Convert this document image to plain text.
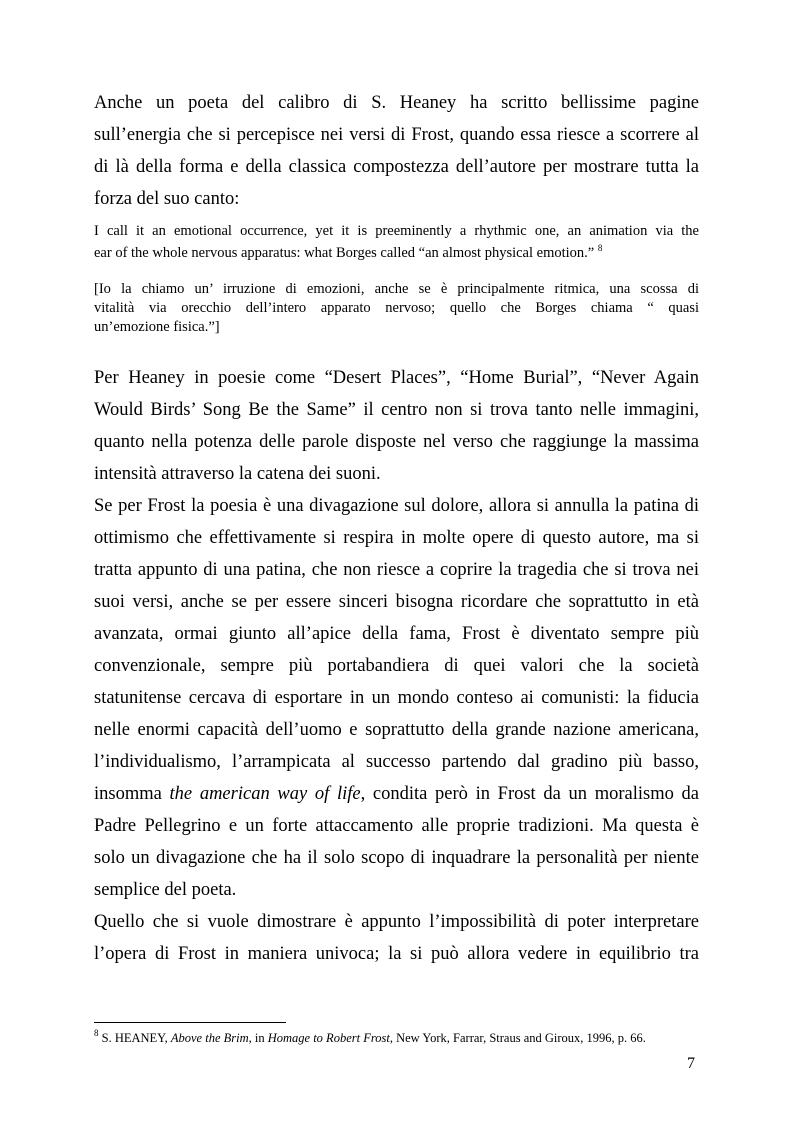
Anche un poeta del calibro di S. Heaney ha scritto bellissime pagine
sull’energia che si percepisce nei versi di Frost, quando essa riesce a scorrere al
di là della forma e della classica compostezza dell’autore per mostrare tutta la
forza del suo canto:
I call it an emotional occurrence, yet it is preeminently a rhythmic one, an animation via the
ear of the whole nervous apparatus: what Borges called “an almost physical emotion.” $^8$
[Io la chiamo un’ irruzione di emozioni, anche se è principalmente ritmica, una scossa di
vitalità via orecchio dell’intero apparato nervoso; quello che Borges chiama “ quasi
un’emozione fisica.”]
Per Heaney in poesie come “Desert Places”, “Home Burial”, “Never Again
Would Birds’ Song Be the Same” il centro non si trova tanto nelle immagini,
quanto nella potenza delle parole disposte nel verso che raggiunge la massima
intensità attraverso la catena dei suoni.
Se per Frost la poesia è una divagazione sul dolore, allora si annulla la patina di
ottimismo che effettivamente si respira in molte opere di questo autore, ma si
tratta appunto di una patina, che non riesce a coprire la tragedia che si trova nei
suoi versi, anche se per essere sinceri bisogna ricordare che soprattutto in età
avanzata, ormai giunto all’apice della fama, Frost è diventato sempre più
convenzionale, sempre più portabandiera di quei valori che la società
statunitense cercava di esportare in un mondo conteso ai comunisti: la fiducia
nelle enormi capacità dell’uomo e soprattutto della grande nazione americana,
l’individualismo, l’arrampicata al successo partendo dal gradino più basso,
insomma the american way of life, condita però in Frost da un moralismo da
Padre Pellegrino e un forte attaccamento alle proprie tradizioni. Ma questa è
solo un divagazione che ha il solo scopo di inquadrare la personalità per niente
semplice del poeta.
Quello che si vuole dimostrare è appunto l’impossibilità di poter interpretare
l’opera di Frost in maniera univoca; la si può allora vedere in equilibrio tra
$^8$ S. HEANEY, Above the Brim, in Homage to Robert Frost, New York, Farrar, Straus and Giroux, 1996, p. 66.
7
